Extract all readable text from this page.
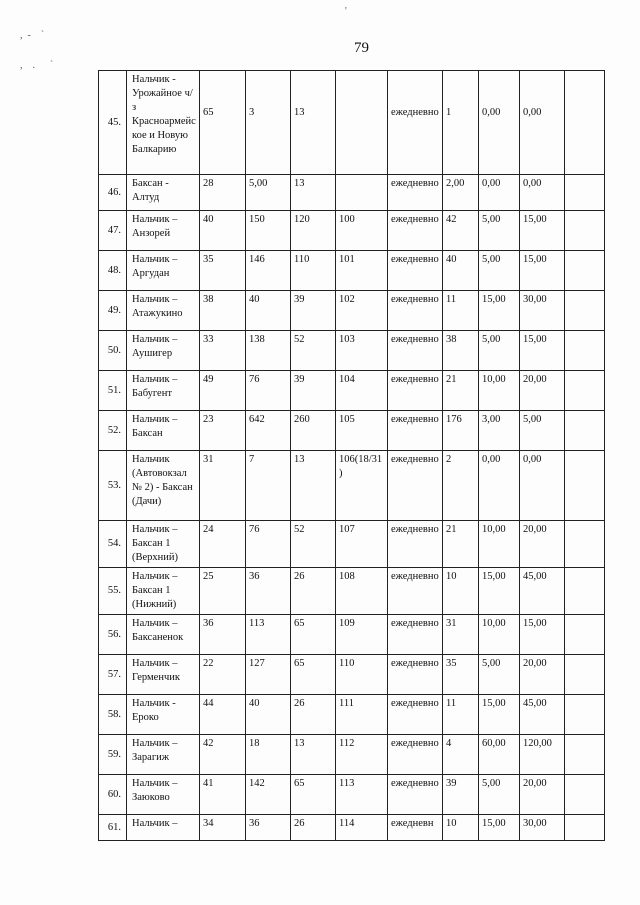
'
,  -    `
,    .      `
79
45.	Нальчик - Урожайное ч/з Красноармейское и Новую Балкарию	65	3	13		ежедневно	1	0,00	0,00	
46.	Баксан - Алтуд	28	5,00	13		ежедневно	2,00	0,00	0,00	
47.	Нальчик – Анзорей	40	150	120	100	ежедневно	42	5,00	15,00	
48.	Нальчик – Аргудан	35	146	110	101	ежедневно	40	5,00	15,00	
49.	Нальчик – Атажукино	38	40	39	102	ежедневно	11	15,00	30,00	
50.	Нальчик – Аушигер	33	138	52	103	ежедневно	38	5,00	15,00	
51.	Нальчик – Бабугент	49	76	39	104	ежедневно	21	10,00	20,00	
52.	Нальчик – Баксан	23	642	260	105	ежедневно	176	3,00	5,00	
53.	Нальчик (Автовокзал № 2) - Баксан (Дачи)	31	7	13	106(18/31)	ежедневно	2	0,00	0,00	
54.	Нальчик – Баксан 1 (Верхний)	24	76	52	107	ежедневно	21	10,00	20,00	
55.	Нальчик – Баксан 1 (Нижний)	25	36	26	108	ежедневно	10	15,00	45,00	
56.	Нальчик – Баксаненок	36	113	65	109	ежедневно	31	10,00	15,00	
57.	Нальчик – Герменчик	22	127	65	110	ежедневно	35	5,00	20,00	
58.	Нальчик - Ероко	44	40	26	111	ежедневно	11	15,00	45,00	
59.	Нальчик – Зарагиж	42	18	13	112	ежедневно	4	60,00	120,00	
60.	Нальчик – Заюково	41	142	65	113	ежедневно	39	5,00	20,00	
61.	Нальчик –	34	36	26	114	ежедневн	10	15,00	30,00	
